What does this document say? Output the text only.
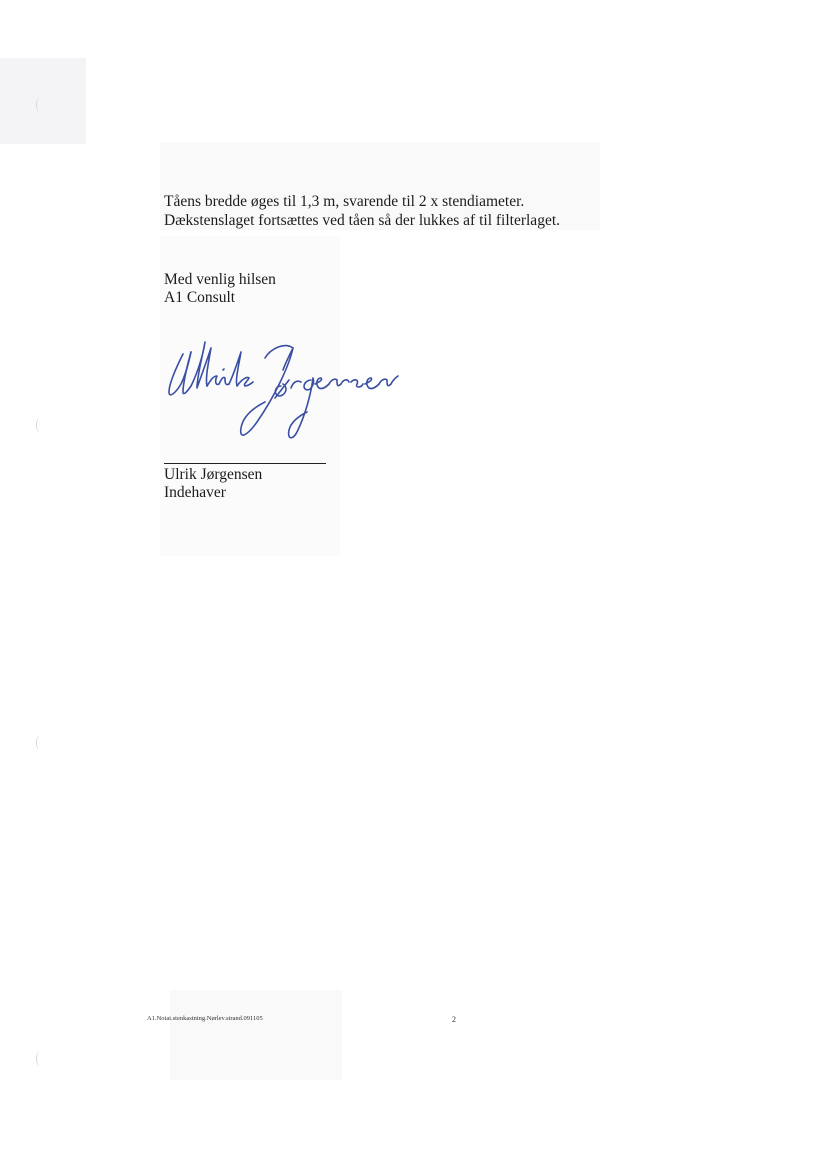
Tåens bredde øges til 1,3 m, svarende til 2 x stendiameter.
Dækstenslaget fortsættes ved tåen så der lukkes af til filterlaget.
Med venlig hilsen
A1 Consult
Ulrik Jørgensen
Indehaver
A1.Notat.stenkastning.Nørlev.strand.091105	2
